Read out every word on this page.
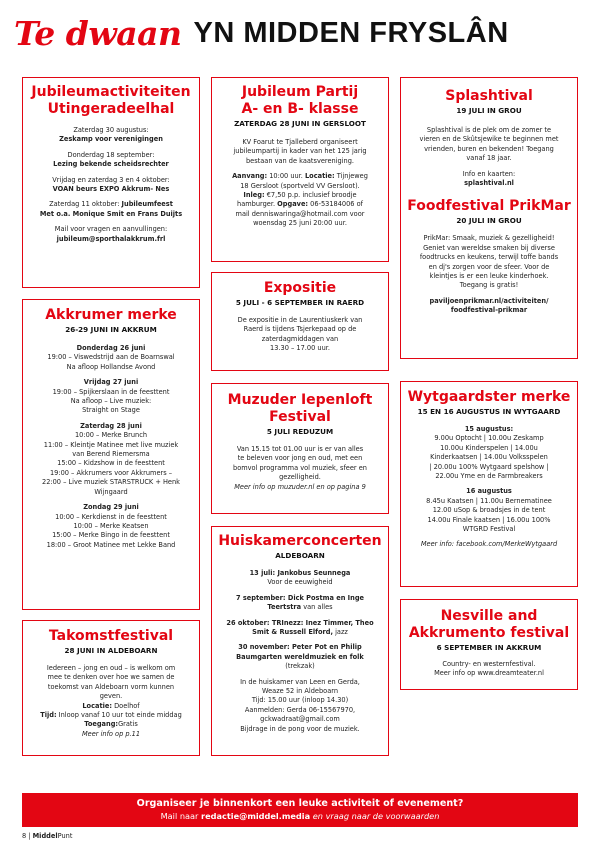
Te dwaan YN MIDDEN FRYSLÂN
Jubileumactiviteiten
Utingeradeelhal
Zaterdag 30 augustus:
Zeskamp voor verenigingen
Donderdag 18 september:
Lezing bekende scheidsrechter
Vrijdag en zaterdag 3 en 4 oktober:
VOAN beurs EXPO Akkrum- Nes
Zaterdag 11 oktober: Jubileumfeest
Met o.a. Monique Smit en Frans Duijts
Mail voor vragen en aanvullingen:
jubileum@sporthalakkrum.frl
Akkrumer merke
26-29 JUNI IN AKKRUM
Donderdag 26 juni
19:00 – Viswedstrijd aan de Boarnswal
Na afloop Hollandse Avond
Vrijdag 27 juni
19:00 – Spijkerslaan in de feesttent
Na afloop – Live muziek:
Straight on Stage
Zaterdag 28 juni
10:00 – Merke Brunch
11:00 – Kleintje Matinee met live muziek
van Berend Riemersma
15:00 – Kidzshow in de feesttent
19:00 – Akkrumers voor Akkrumers –
22:00 – Live muziek STARSTRUCK + Henk
Wijngaard
Zondag 29 juni
10:00 – Kerkdienst in de feesttent
10:00 – Merke Keatsen
15:00 – Merke Bingo in de feesttent
18:00 – Groot Matinee met Lekke Band
Takomstfestival
28 JUNI IN ALDEBOARN
Iedereen – jong en oud – is welkom om
mee te denken over hoe we samen de
toekomst van Aldeboarn vorm kunnen
geven.
Locatie: Doelhof
Tijd: Inloop vanaf 10 uur tot einde middag
Toegang:Gratis
Meer info op p.11
Jubileum Partij
A- en B- klasse
ZATERDAG 28 JUNI IN GERSLOOT
KV Foarut te Tjalleberd organiseert
jubileumpartij in kader van het 125 jarig
bestaan van de kaatsvereniging.
Aanvang: 10:00 uur. Locatie: Tijnjeweg
18 Gersloot (sportveld VV Gersloot).
Inleg: €7,50 p.p. inclusief broodje
hamburger. Opgave: 06-53184006 of
mail denniswaringa@hotmail.com voor
woensdag 25 juni 20:00 uur.
Expositie
5 JULI - 6 SEPTEMBER IN RAERD
De expositie in de Laurentiuskerk van
Raerd is tijdens Tsjerkepaad op de
zaterdagmiddagen van
13.30 – 17.00 uur.
Muzuder Iepenloft
Festival
5 JULI REDUZUM
Van 15.15 tot 01.00 uur is er van alles
te beleven voor jong en oud, met een
bomvol programma vol muziek, sfeer en
gezelligheid.
Meer info op muzuder.nl en op pagina 9
Huiskamerconcerten
ALDEBOARN
13 juli: Jankobus Seunnega
Voor de eeuwigheid
7 september: Dick Postma en Inge
Teertstra van alles
26 oktober: TRInezz: Inez Timmer, Theo
Smit & Russell Elford, jazz
30 november: Peter Pot en Philip
Baumgarten wereldmuziek en folk
(trekzak)
In de huiskamer van Leen en Gerda,
Weaze 52 in Aldeboarn
Tijd: 15.00 uur (inloop 14.30)
Aanmelden: Gerda 06-15567970,
gckwadraat@gmail.com
Bijdrage in de pong voor de muziek.
Splashtival
19 JULI IN GROU
Splashtival is de plek om de zomer te
vieren en de Skûtsjewike te beginnen met
vrienden, buren en bekenden! Toegang
vanaf 18 jaar.
Info en kaarten:
splashtival.nl
Foodfestival PrikMar
20 JULI IN GROU
PrikMar: Smaak, muziek & gezelligheid!
Geniet van wereldse smaken bij diverse
foodtrucks en keukens, terwijl toffe bands
en dj's zorgen voor de sfeer. Voor de
kleintjes is er een leuke kinderhoek.
Toegang is gratis!
paviljoenprikmar.nl/activiteiten/
foodfestival-prikmar
Wytgaardster merke
15 EN 16 AUGUSTUS IN WYTGAARD
15 augustus:
9.00u Optocht | 10.00u Zeskamp
10.00u Kinderspelen | 14.00u
Kinderkaatsen | 14.00u Volksspelen
| 20.00u 100% Wytgaard spelshow |
22.00u Yme en de Farmbreakers
16 augustus
8.45u Kaatsen | 11.00u Bernematinee
12.00 uSop & broadsjes in de tent
14.00u Finale kaatsen | 16.00u 100%
WTGRD Festival
Meer info: facebook.com/MerkeWytgaard
Nesville and
Akkrumento festival
6 SEPTEMBER IN AKKRUM
Country- en westernfestival.
Meer info op www.dreamteater.nl
Organiseer je binnenkort een leuke activiteit of evenement?
Mail naar redactie@middel.media en vraag naar de voorwaarden
8 | MiddelPunt
